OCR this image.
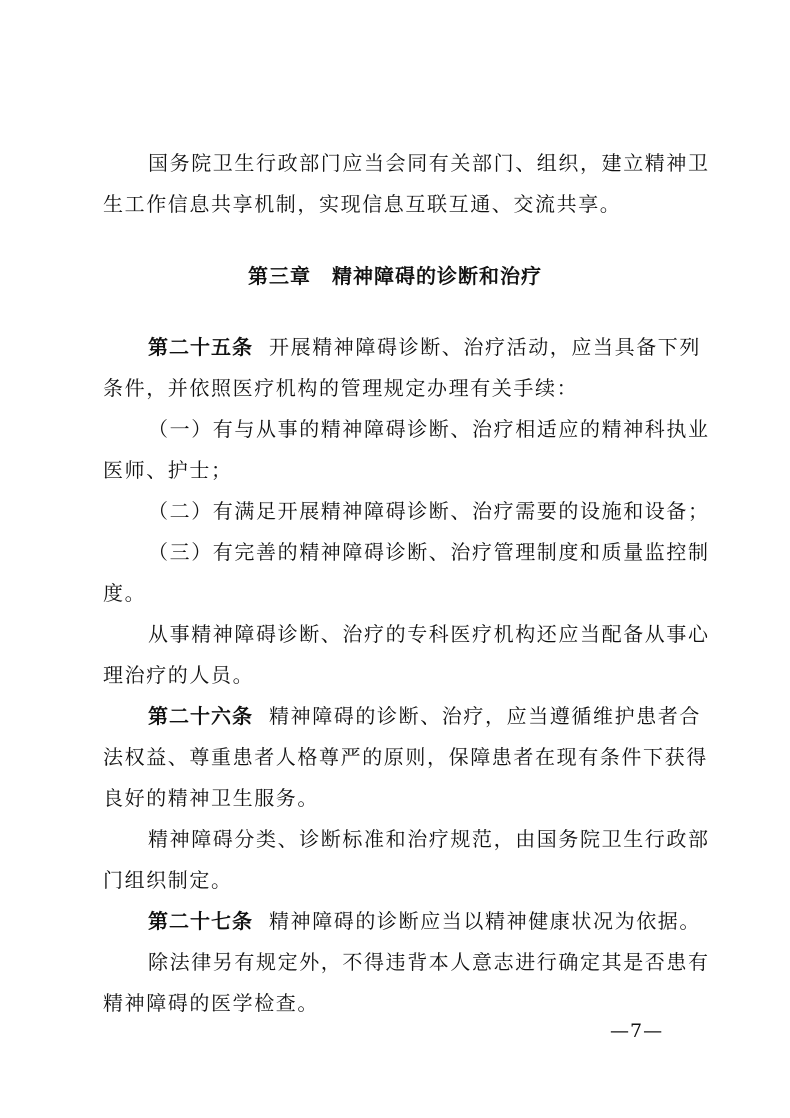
国务院卫生行政部门应当会同有关部门、组织，建立精神卫
生工作信息共享机制，实现信息互联互通、交流共享。
第三章　精神障碍的诊断和治疗
第二十五条 开展精神障碍诊断、治疗活动，应当具备下列
条件，并依照医疗机构的管理规定办理有关手续：
（一）有与从事的精神障碍诊断、治疗相适应的精神科执业
医师、护士；
（二）有满足开展精神障碍诊断、治疗需要的设施和设备；
（三）有完善的精神障碍诊断、治疗管理制度和质量监控制
度。
从事精神障碍诊断、治疗的专科医疗机构还应当配备从事心
理治疗的人员。
第二十六条 精神障碍的诊断、治疗，应当遵循维护患者合
法权益、尊重患者人格尊严的原则，保障患者在现有条件下获得
良好的精神卫生服务。
精神障碍分类、诊断标准和治疗规范，由国务院卫生行政部
门组织制定。
第二十七条 精神障碍的诊断应当以精神健康状况为依据。
除法律另有规定外，不得违背本人意志进行确定其是否患有
精神障碍的医学检查。
—7—
